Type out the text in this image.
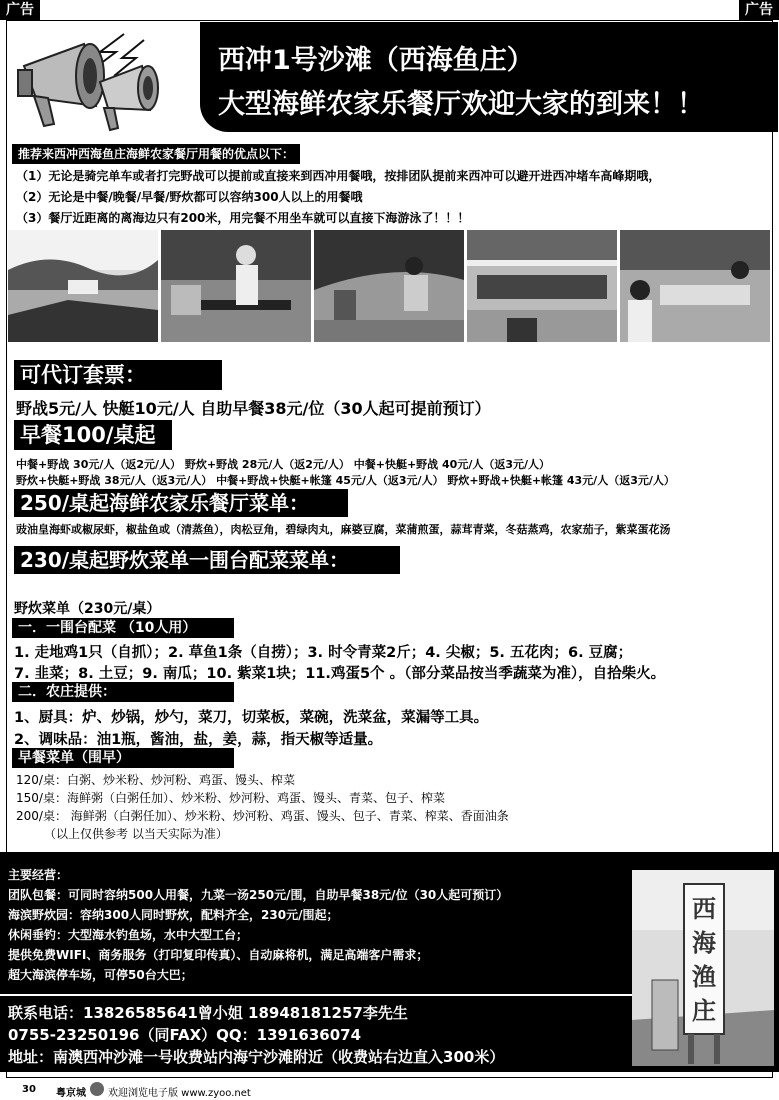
广告	广告
西冲1号沙滩（西海鱼庄）
大型海鲜农家乐餐厅欢迎大家的到来！！
推荐来西冲西海鱼庄海鲜农家餐厅用餐的优点以下：
（1）无论是骑完单车或者打完野战可以提前或直接来到西冲用餐哦，按排团队提前来西冲可以避开进西冲堵车高峰期哦，
（2）无论是中餐/晚餐/早餐/野炊都可以容纳300人以上的用餐哦
（3）餐厅近距离的离海边只有200米，用完餐不用坐车就可以直接下海游泳了！！！
可代订套票：
野战5元/人 快艇10元/人 自助早餐38元/位（30人起可提前预订）
早餐100/桌起
中餐+野战 30元/人（返2元/人） 野炊+野战 28元/人（返2元/人） 中餐+快艇+野战 40元/人（返3元/人）
野炊+快艇+野战 38元/人（返3元/人） 中餐+野战+快艇+帐篷 45元/人（返3元/人） 野炊+野战+快艇+帐篷 43元/人（返3元/人）
250/桌起海鲜农家乐餐厅菜单：
豉油皇海虾或椒尿虾，椒盐鱼或（清蒸鱼），肉松豆角，碧绿肉丸，麻婆豆腐，菜蒲煎蛋，蒜茸青菜，冬菇蒸鸡，农家茄子，紫菜蛋花汤
230/桌起野炊菜单一围台配菜菜单：
野炊菜单（230元/桌）
一．一围台配菜 （10人用）
1. 走地鸡1只（自抓）；2. 草鱼1条（自捞）；3. 时令青菜2斤；4. 尖椒；5. 五花肉；6. 豆腐；
7. 韭菜；8. 土豆；9. 南瓜；10. 紫菜1块；11.鸡蛋5个 。（部分菜品按当季蔬菜为准），自拾柴火。
二．农庄提供：
1、厨具：炉、炒锅，炒勺，菜刀，切菜板，菜碗，洗菜盆，菜漏等工具。
2、调味品：油1瓶，酱油，盐，姜，蒜，指天椒等适量。
早餐菜单（围早）
120/桌：白粥、炒米粉、炒河粉、鸡蛋、馒头、榨菜
150/桌：海鲜粥（白粥任加）、炒米粉、炒河粉、鸡蛋、馒头、青菜、包子、榨菜
200/桌： 海鲜粥（白粥任加）、炒米粉、炒河粉、鸡蛋、馒头、包子、青菜、榨菜、香面油条
（以上仅供参考 以当天实际为准）
主要经营：
团队包餐：可同时容纳500人用餐，九菜一汤250元/围，自助早餐38元/位（30人起可预订）
海滨野炊园：容纳300人同时野炊，配料齐全，230元/围起；
休闲垂钓：大型海水钓鱼场，水中大型工台；
提供免费WIFI、商务服务（打印复印传真）、自动麻将机，满足高端客户需求；
超大海滨停车场，可停50台大巴；
联系电话：13826585641曾小姐 18948181257李先生
0755-23250196（同FAX）QQ：1391636074
地址：南澳西冲沙滩一号收费站内海宁沙滩附近（收费站右边直入300米）
西海渔庄
30 粤京城 欢迎浏览电子版 www.zyoo.net
